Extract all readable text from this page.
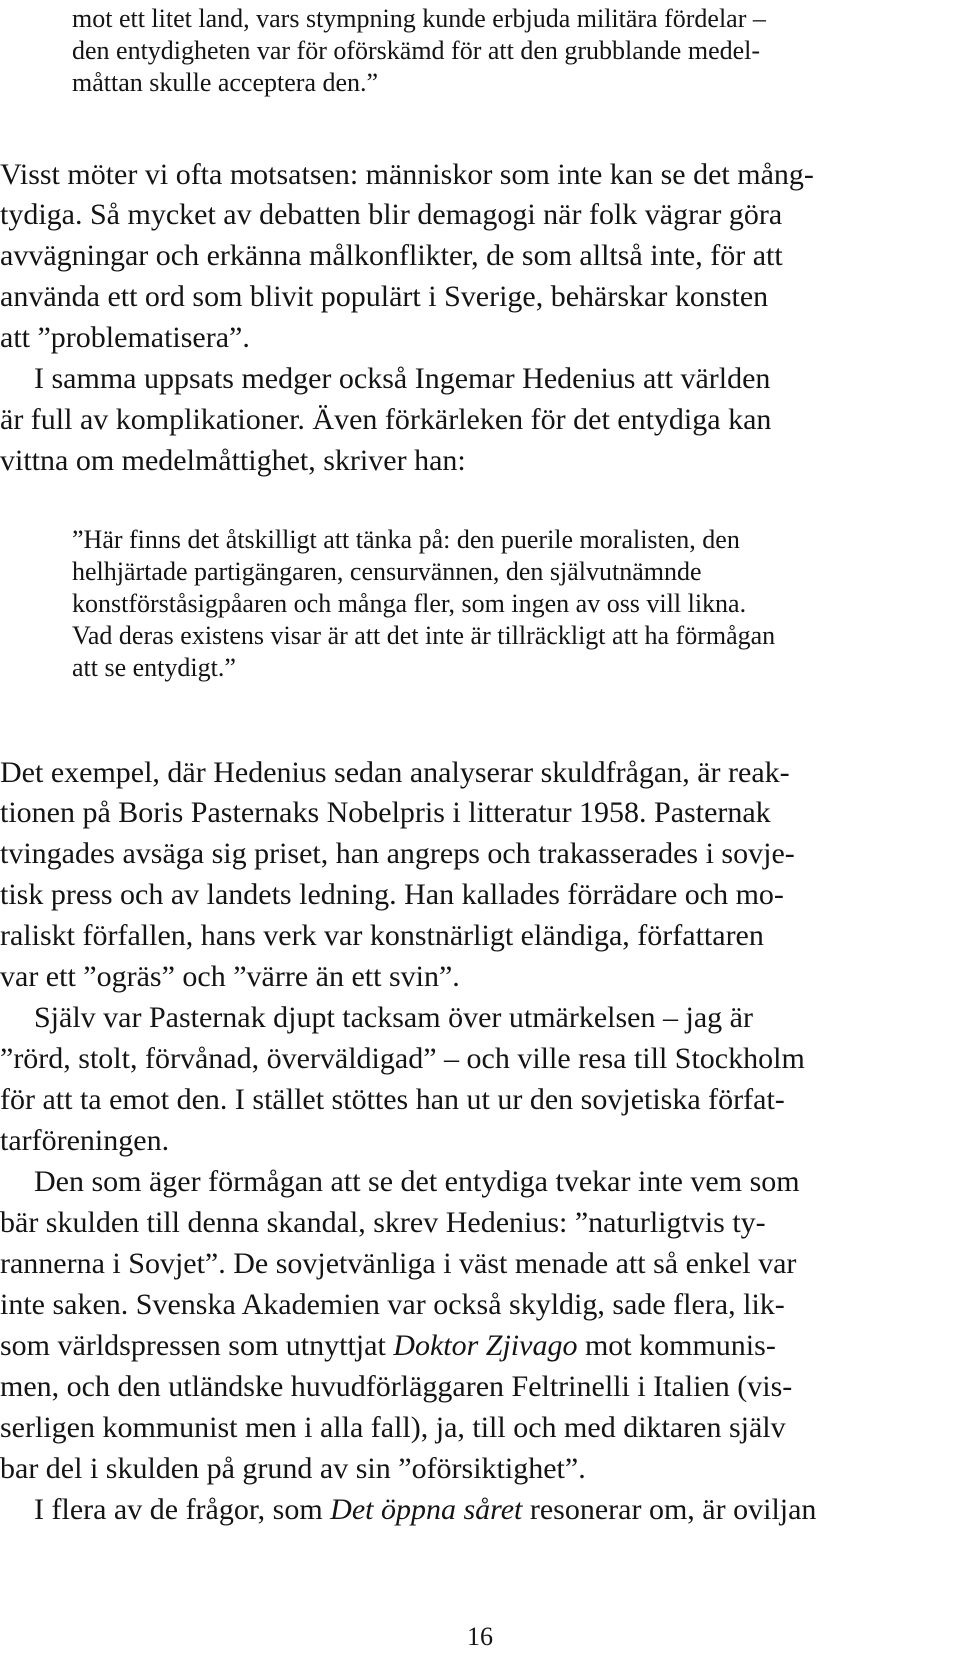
mot ett litet land, vars stympning kunde erbjuda militära fördelar –
den entydigheten var för oförskämd för att den grubblande medel-
måttan skulle acceptera den.”
Visst möter vi ofta motsatsen: människor som inte kan se det mång-
tydiga. Så mycket av debatten blir demagogi när folk vägrar göra
avvägningar och erkänna målkonflikter, de som alltså inte, för att
använda ett ord som blivit populärt i Sverige, behärskar konsten
att ”problematisera”.
I samma uppsats medger också Ingemar Hedenius att världen
är full av komplikationer. Även förkärleken för det entydiga kan
vittna om medelmåttighet, skriver han:
”Här finns det åtskilligt att tänka på: den puerile moralisten, den
helhjärtade partigängaren, censurvännen, den självutnämnde
konstförståsigpåaren och många fler, som ingen av oss vill likna.
Vad deras existens visar är att det inte är tillräckligt att ha förmågan
att se entydigt.”
Det exempel, där Hedenius sedan analyserar skuldfrågan, är reak-
tionen på Boris Pasternaks Nobelpris i litteratur 1958. Pasternak
tvingades avsäga sig priset, han angreps och trakasserades i sovje-
tisk press och av landets ledning. Han kallades förrädare och mo-
raliskt förfallen, hans verk var konstnärligt eländiga, författaren
var ett ”ogräs” och ”värre än ett svin”.
Själv var Pasternak djupt tacksam över utmärkelsen – jag är
”rörd, stolt, förvånad, överväldigad” – och ville resa till Stockholm
för att ta emot den. I stället stöttes han ut ur den sovjetiska förfat-
tarföreningen.
Den som äger förmågan att se det entydiga tvekar inte vem som
bär skulden till denna skandal, skrev Hedenius: ”naturligtvis ty-
rannerna i Sovjet”. De sovjetvänliga i väst menade att så enkel var
inte saken. Svenska Akademien var också skyldig, sade flera, lik-
som världspressen som utnyttjat Doktor Zjivago mot kommunis-
men, och den utländske huvudförläggaren Feltrinelli i Italien (vis-
serligen kommunist men i alla fall), ja, till och med diktaren själv
bar del i skulden på grund av sin ”oförsiktighet”.
I flera av de frågor, som Det öppna såret resonerar om, är oviljan
16
